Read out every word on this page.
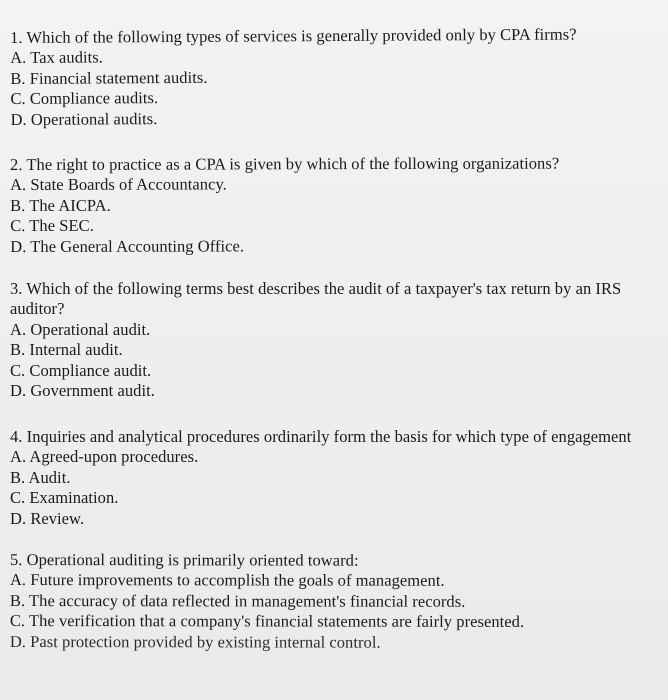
1. Which of the following types of services is generally provided only by CPA firms?

A. Tax audits.
B. Financial statement audits.
C. Compliance audits.
D. Operational audits.

2. The right to practice as a CPA is given by which of the following organizations?

A. State Boards of Accountancy.
B. The AICPA.
C. The SEC.
D. The General Accounting Office.

3. Which of the following terms best describes the audit of a taxpayer's tax return by an IRS auditor?

A. Operational audit.
B. Internal audit.
C. Compliance audit.
D. Government audit.

4. Inquiries and analytical procedures ordinarily form the basis for which type of engagement

A. Agreed-upon procedures.
B. Audit.
C. Examination.
D. Review.

5. Operational auditing is primarily oriented toward:

A. Future improvements to accomplish the goals of management.
B. The accuracy of data reflected in management's financial records.
C. The verification that a company's financial statements are fairly presented.
D. Past protection provided by existing internal control.
